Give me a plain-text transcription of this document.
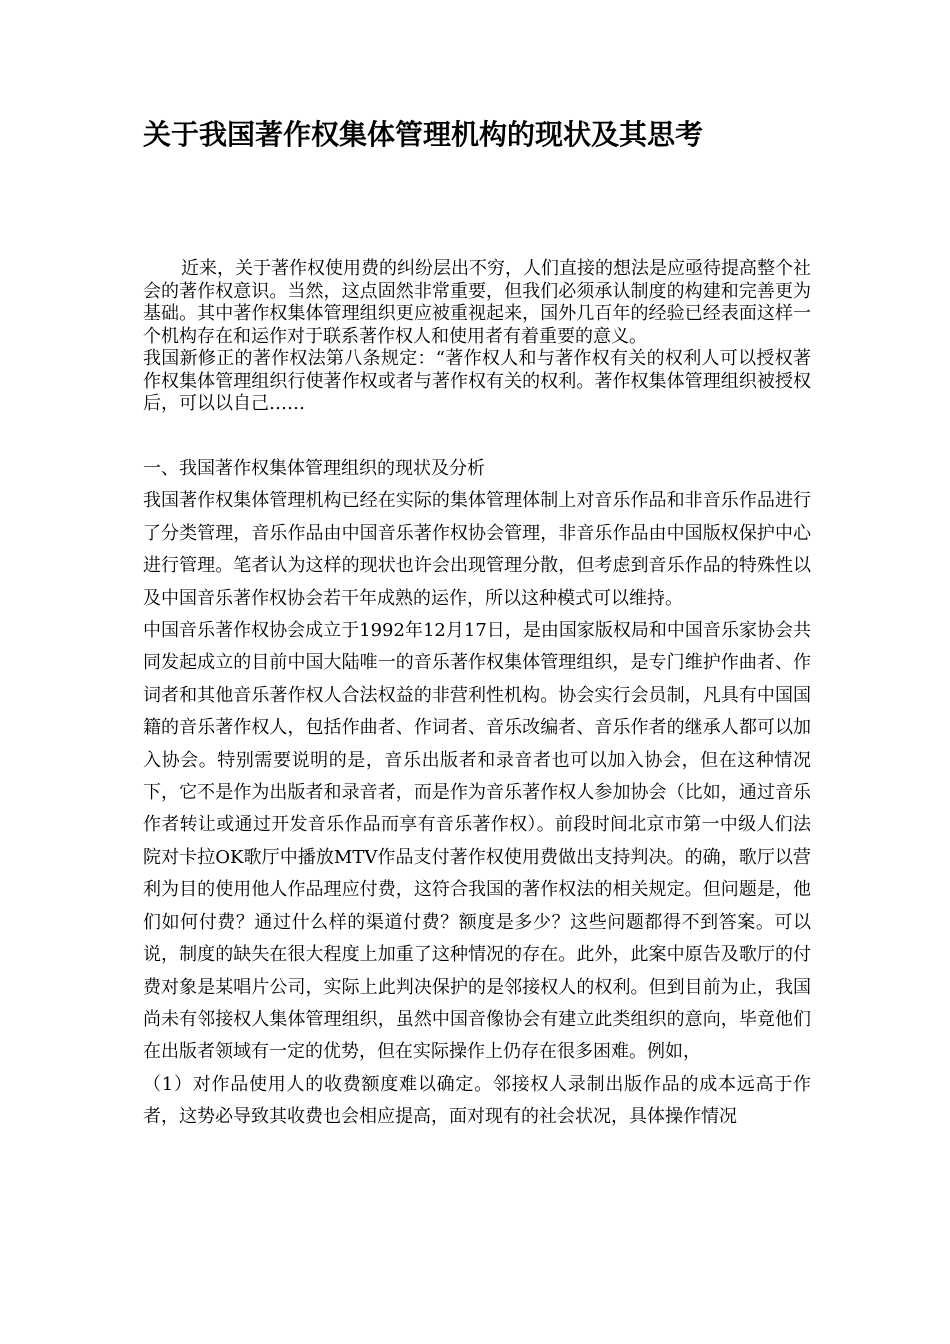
关于我国著作权集体管理机构的现状及其思考

近来，关于著作权使用费的纠纷层出不穷，人们直接的想法是应亟待提高整个社会的著作权意识。当然，这点固然非常重要，但我们必须承认制度的构建和完善更为基础。其中著作权集体管理组织更应被重视起来，国外几百年的经验已经表面这样一个机构存在和运作对于联系著作权人和使用者有着重要的意义。

我国新修正的著作权法第八条规定：“著作权人和与著作权有关的权利人可以授权著作权集体管理组织行使著作权或者与著作权有关的权利。著作权集体管理组织被授权后，可以以自己……

一、我国著作权集体管理组织的现状及分析

我国著作权集体管理机构已经在实际的集体管理体制上对音乐作品和非音乐作品进行了分类管理，音乐作品由中国音乐著作权协会管理，非音乐作品由中国版权保护中心进行管理。笔者认为这样的现状也许会出现管理分散，但考虑到音乐作品的特殊性以及中国音乐著作权协会若干年成熟的运作，所以这种模式可以维持。

中国音乐著作权协会成立于1992年12月17日，是由国家版权局和中国音乐家协会共同发起成立的目前中国大陆唯一的音乐著作权集体管理组织，是专门维护作曲者、作词者和其他音乐著作权人合法权益的非营利性机构。协会实行会员制，凡具有中国国籍的音乐著作权人，包括作曲者、作词者、音乐改编者、音乐作者的继承人都可以加入协会。特别需要说明的是，音乐出版者和录音者也可以加入协会，但在这种情况下，它不是作为出版者和录音者，而是作为音乐著作权人参加协会（比如，通过音乐作者转让或通过开发音乐作品而享有音乐著作权）。前段时间北京市第一中级人们法院对卡拉OK歌厅中播放MTV作品支付著作权使用费做出支持判决。的确，歌厅以营利为目的使用他人作品理应付费，这符合我国的著作权法的相关规定。但问题是，他们如何付费？通过什么样的渠道付费？额度是多少？这些问题都得不到答案。可以说，制度的缺失在很大程度上加重了这种情况的存在。此外，此案中原告及歌厅的付费对象是某唱片公司，实际上此判决保护的是邻接权人的权利。但到目前为止，我国尚未有邻接权人集体管理组织，虽然中国音像协会有建立此类组织的意向，毕竟他们在出版者领域有一定的优势，但在实际操作上仍存在很多困难。例如，

（1）对作品使用人的收费额度难以确定。邻接权人录制出版作品的成本远高于作者，这势必导致其收费也会相应提高，面对现有的社会状况，具体操作情况
